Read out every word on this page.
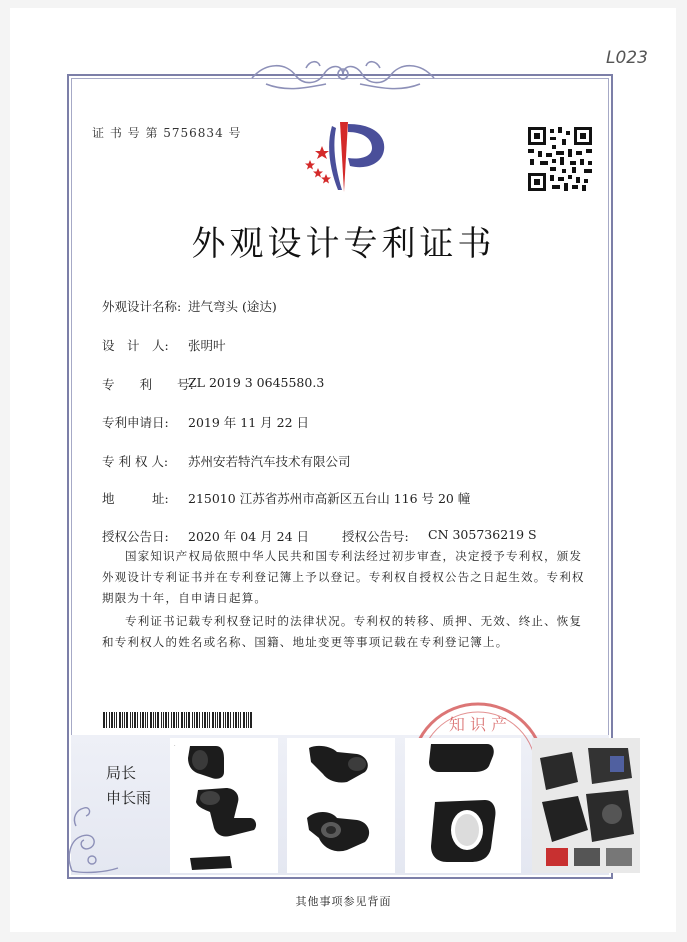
L023
证 书 号 第 5756834 号
外观设计专利证书
外观设计名称: 进气弯头 (途达)
设　计　人: 张明叶
专　　利　　号:
ZL 2019 3 0645580.3
专利申请日: 2019 年 11 月 22 日
专 利 权 人: 苏州安若特汽车技术有限公司
地　　　址: 215010 江苏省苏州市高新区五台山 116 号 20 幢
授权公告日: 2020 年 04 月 24 日	授权公告号: CN 305736219 S
国家知识产权局依照中华人民共和国专利法经过初步审查，决定授予专利权，颁发外观设计专利证书并在专利登记簿上予以登记。专利权自授权公告之日起生效。专利权期限为十年，自申请日起算。
专利证书记载专利权登记时的法律状况。专利权的转移、质押、无效、终止、恢复和专利权人的姓名或名称、国籍、地址变更等事项记载在专利登记簿上。
知 识 产
局长
申长雨
.
其他事项参见背面
